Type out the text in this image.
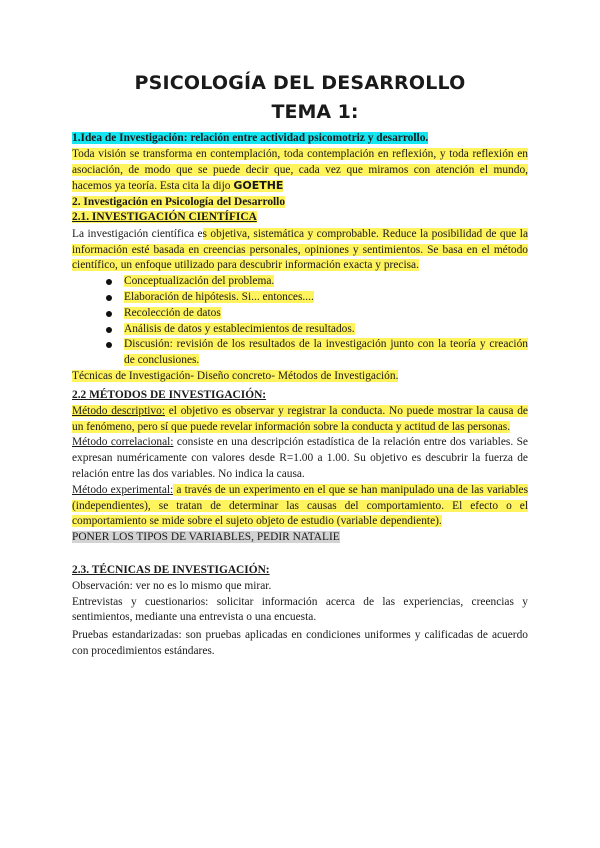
PSICOLOGÍA DEL DESARROLLO
TEMA 1:
1.Idea de Investigación: relación entre actividad psicomotriz y desarrollo.
Toda visión se transforma en contemplación, toda contemplación en reflexión, y toda reflexión en asociación, de modo que se puede decir que, cada vez que miramos con atención el mundo, hacemos ya teoría. Esta cita la dijo GOETHE
2. Investigación en Psicología del Desarrollo
2.1. INVESTIGACIÓN CIENTÍFICA
La investigación científica es objetiva, sistemática y comprobable. Reduce la posibilidad de que la información esté basada en creencias personales, opiniones y sentimientos. Se basa en el método científico, un enfoque utilizado para descubrir información exacta y precisa.
Conceptualización del problema.
Elaboración de hipótesis. Si... entonces....
Recolección de datos
Análisis de datos y establecimientos de resultados.
Discusión: revisión de los resultados de la investigación junto con la teoría y creación de conclusiones.
Técnicas de Investigación- Diseño concreto- Métodos de Investigación.
2.2 MÉTODOS DE INVESTIGACIÓN:
Método descriptivo: el objetivo es observar y registrar la conducta. No puede mostrar la causa de un fenómeno, pero sí que puede revelar información sobre la conducta y actitud de las personas.
Método correlacional: consiste en una descripción estadística de la relación entre dos variables. Se expresan numéricamente con valores desde R=1.00 a 1.00. Su objetivo es descubrir la fuerza de relación entre las dos variables. No indica la causa.
Método experimental: a través de un experimento en el que se han manipulado una de las variables (independientes), se tratan de determinar las causas del comportamiento. El efecto o el comportamiento se mide sobre el sujeto objeto de estudio (variable dependiente).
PONER LOS TIPOS DE VARIABLES, PEDIR NATALIE
2.3. TÉCNICAS DE INVESTIGACIÓN:
Observación: ver no es lo mismo que mirar.
Entrevistas y cuestionarios: solicitar información acerca de las experiencias, creencias y sentimientos, mediante una entrevista o una encuesta.
Pruebas estandarizadas: son pruebas aplicadas en condiciones uniformes y calificadas de acuerdo con procedimientos estándares.
